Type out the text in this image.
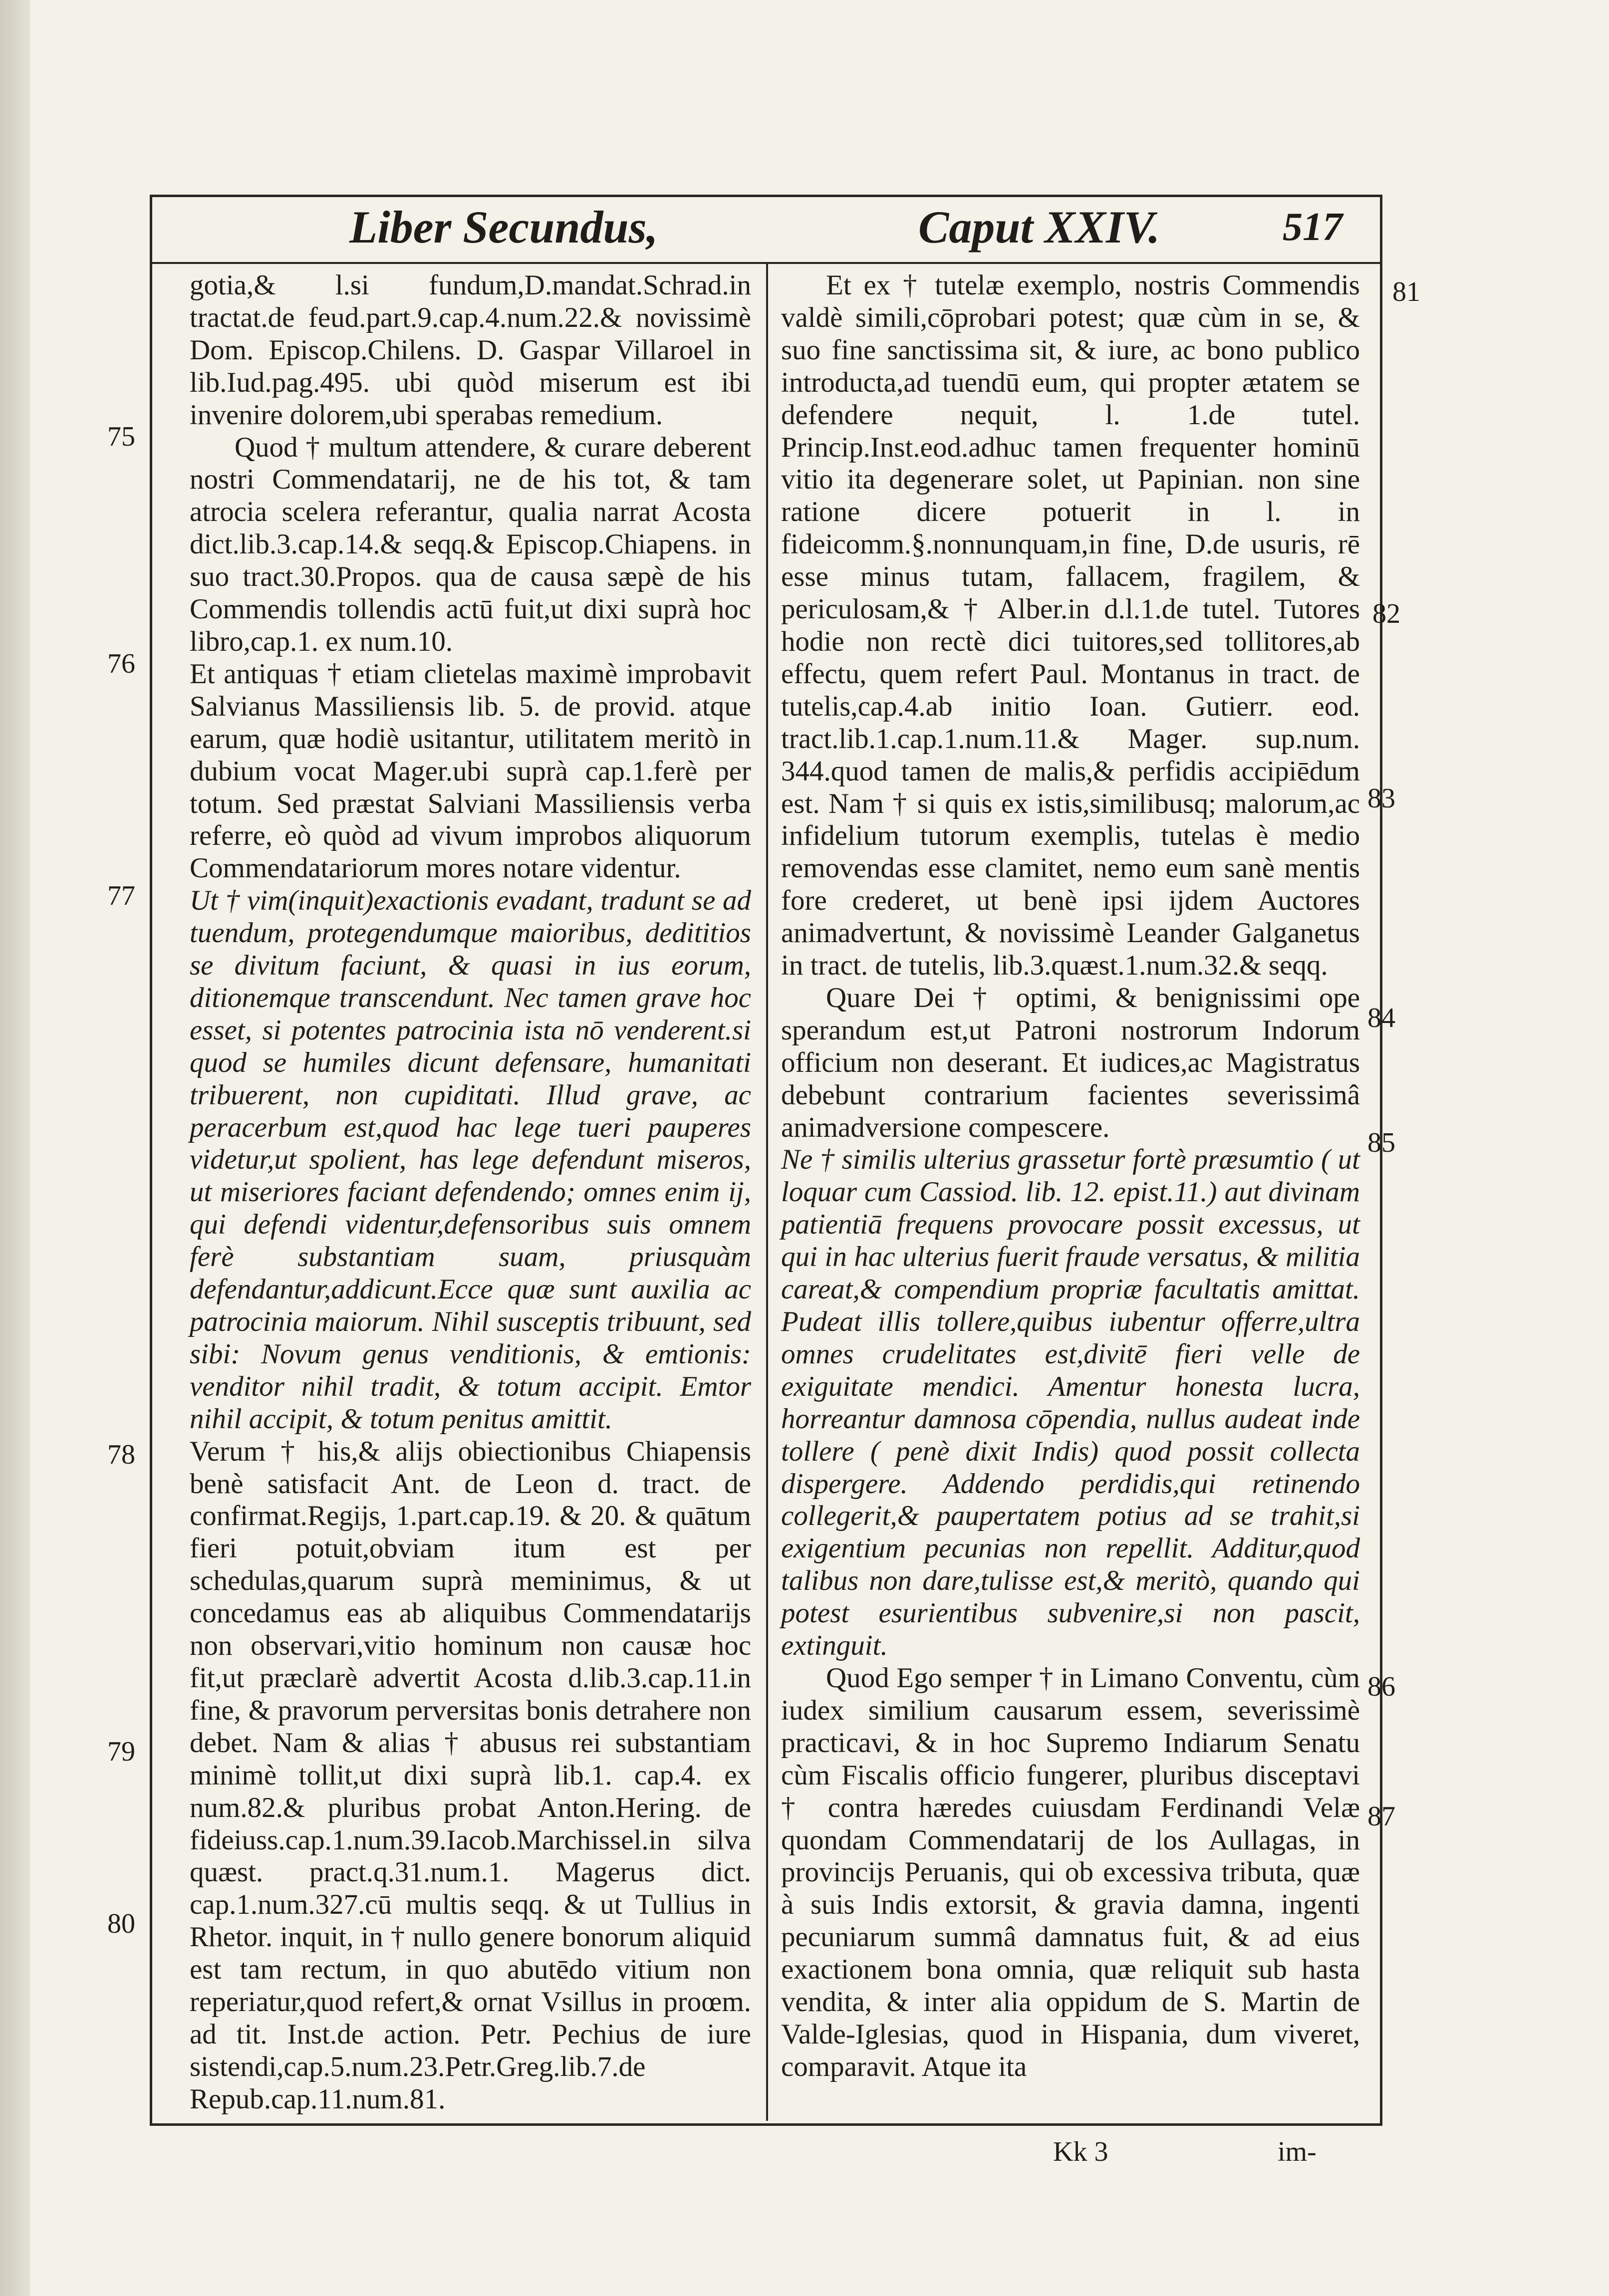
Liber Secundus,	Caput XXIV.	517

gotia,& l.si fundum,D.mandat.Schrad.in tractat.de feud.part.9.cap.4.num.22.& novissimè Dom. Episcop.Chilens. D. Gaspar Villaroel in lib.Iud.pag.495. ubi quòd miserum est ibi invenire dolorem,ubi sperabas remedium.

Quod † multum attendere, & curare deberent nostri Commendatarij, ne de his tot, & tam atrocia scelera referantur, qualia narrat Acosta dict.lib.3.cap.14.& seqq.& Episcop.Chiapens. in suo tract.30.Propos. qua de causa sæpè de his Commendis tollendis actū fuit,ut dixi suprà hoc libro,cap.1. ex num.10.

Et antiquas † etiam clietelas maximè improbavit Salvianus Massiliensis lib. 5. de provid. atque earum, quæ hodiè usitantur, utilitatem meritò in dubium vocat Mager.ubi suprà cap.1.ferè per totum. Sed præstat Salviani Massiliensis verba referre, eò quòd ad vivum improbos aliquorum Commendatariorum mores notare videntur.

Ut † vim(inquit)exactionis evadant, tradunt se ad tuendum, protegendumque maioribus, dedititios se divitum faciunt, & quasi in ius eorum, ditionemque transcendunt. Nec tamen grave hoc esset, si potentes patrocinia ista nō venderent.si quod se humiles dicunt defensare, humanitati tribuerent, non cupiditati. Illud grave, ac peracerbum est,quod hac lege tueri pauperes videtur,ut spolient, has lege defendunt miseros, ut miseriores faciant defendendo; omnes enim ij, qui defendi videntur,defensoribus suis omnem ferè substantiam suam, priusquàm defendantur,addicunt.Ecce quæ sunt auxilia ac patrocinia maiorum. Nihil susceptis tribuunt, sed sibi: Novum genus venditionis, & emtionis: venditor nihil tradit, & totum accipit. Emtor nihil accipit, & totum penitus amittit.

Verum † his,& alijs obiectionibus Chiapensis benè satisfacit Ant. de Leon d. tract. de confirmat.Regijs, 1.part.cap.19. & 20. & quātum fieri potuit,obviam itum est per schedulas,quarum suprà meminimus, & ut concedamus eas ab aliquibus Commendatarijs non observari,vitio hominum non causæ hoc fit,ut præclarè advertit Acosta d.lib.3.cap.11.in fine, & pravorum perversitas bonis detrahere non debet. Nam & alias † abusus rei substantiam minimè tollit,ut dixi suprà lib.1. cap.4. ex num.82.& pluribus probat Anton.Hering. de fideiuss.cap.1.num.39.Iacob.Marchissel.in silva quæst. pract.q.31.num.1. Magerus dict. cap.1.num.327.cū multis seqq. & ut Tullius in Rhetor. inquit, in † nullo genere bonorum aliquid est tam rectum, in quo abutēdo vitium non reperiatur,quod refert,& ornat Vsillus in proœm. ad tit. Inst.de action. Petr. Pechius de iure sistendi,cap.5.num.23.Petr.Greg.lib.7.de Repub.cap.11.num.81.

Et ex † tutelæ exemplo, nostris Commendis valdè simili,cōprobari potest; quæ cùm in se, & suo fine sanctissima sit, & iure, ac bono publico introducta,ad tuendū eum, qui propter ætatem se defendere nequit, l. 1.de tutel. Princip.Inst.eod.adhuc tamen frequenter hominū vitio ita degenerare solet, ut Papinian. non sine ratione dicere potuerit in l. in fideicomm.§.nonnunquam,in fine, D.de usuris, rē esse minus tutam, fallacem, fragilem, & periculosam,& † Alber.in d.l.1.de tutel. Tutores hodie non rectè dici tuitores,sed tollitores,ab effectu, quem refert Paul. Montanus in tract. de tutelis,cap.4.ab initio Ioan. Gutierr. eod. tract.lib.1.cap.1.num.11.& Mager. sup.num. 344.quod tamen de malis,& perfidis accipiēdum est. Nam † si quis ex istis,similibusq; malorum,ac infidelium tutorum exemplis, tutelas è medio removendas esse clamitet, nemo eum sanè mentis fore crederet, ut benè ipsi ijdem Auctores animadvertunt, & novissimè Leander Galganetus in tract. de tutelis, lib.3.quæst.1.num.32.& seqq.

Quare Dei † optimi, & benignissimi ope sperandum est,ut Patroni nostrorum Indorum officium non deserant. Et iudices,ac Magistratus debebunt contrarium facientes severissimâ animadversione compescere.

Ne † similis ulterius grassetur fortè præsumtio ( ut loquar cum Cassiod. lib. 12. epist.11.) aut divinam patientiā frequens provocare possit excessus, ut qui in hac ulterius fuerit fraude versatus, & militia careat,& compendium propriæ facultatis amittat. Pudeat illis tollere,quibus iubentur offerre,ultra omnes crudelitates est,divitē fieri velle de exiguitate mendici. Amentur honesta lucra, horreantur damnosa cōpendia, nullus audeat inde tollere ( penè dixit Indis) quod possit collecta dispergere. Addendo perdidis,qui retinendo collegerit,& paupertatem potius ad se trahit,si exigentium pecunias non repellit. Additur,quod talibus non dare,tulisse est,& meritò, quando qui potest esurientibus subvenire,si non pascit, extinguit.

Quod Ego semper † in Limano Conventu, cùm iudex similium causarum essem, severissimè practicavi, & in hoc Supremo Indiarum Senatu cùm Fiscalis officio fungerer, pluribus disceptavi † contra hæredes cuiusdam Ferdinandi Velæ quondam Commendatarij de los Aullagas, in provincijs Peruanis, qui ob excessiva tributa, quæ à suis Indis extorsit, & gravia damna, ingenti pecuniarum summâ damnatus fuit, & ad eius exactionem bona omnia, quæ reliquit sub hasta vendita, & inter alia oppidum de S. Martin de Valde-Iglesias, quod in Hispania, dum viveret, comparavit. Atque ita

75
76
77
78
79
80
81
82
83
84
85
86
87
Kk 3	im-
